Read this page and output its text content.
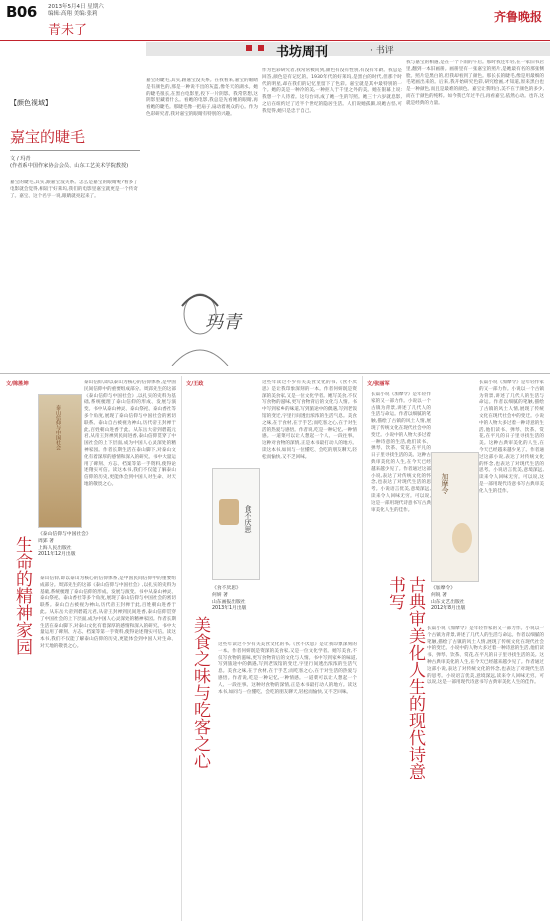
B06 2013年5月4日 星期六
编辑:高翔 美编:张莉
青未了
齐鲁晚报
书坊周刊	· 书评
【颜色视域】
嘉宝的睫毛
文 / 玛青
(作者系中国作家协会会员、山东工艺美术学院教授)
嘉宝的睫毛,其实,跟嘉宝没关系。怎么是嘉宝的眼睛呢?看多了电影就会觉得,相较于好莱坞,我们的电影里嘉宝就更是一个传奇了。嘉宝、这个名字一说,眼睛就亮起来了。
嘉宝的睫毛,其实,跟嘉宝没关系。在我看来,嘉宝的眼睛是有颜色的,那是一种说不出的灰蓝,像冬天的湖水。她的睫毛很长,在黑白电影里,投下一片阴影。我常常想,这阴影里藏着什么。看她的电影,我总是先看她的眼睛,再看她的睫毛。那睫毛像一把扇子,扇动着观众的心。作为色彩研究者,我对嘉宝的眼睛有特别的兴趣。
作为色彩研究者,我常常被问到,颜色有没有性别,有没有年龄。我总是回答,颜色是有记忆的。1930年代的好莱坞,是黑白的时代,但那个时代的明星,却在我们的记忆里留下了色彩。嘉宝就是其中最特别的一个。她的美是一种冷的美,一种拒人于千里之外的美。她在银幕上说:我想一个人待着。这句台词,成了她一生的写照。她三十六岁就息影,之后在纽约过了近半个世纪的隐居生活。人们说她孤僻,说她古怪,可我觉得,她只是忠于自己。
我与嘉宝的相遇,是在一个下雨的午后。那时我还年轻,在一家旧书店里,翻到一本旧画册。画册里有一张嘉宝的照片,是她最有名的那张侧脸。照片是黑白的,但我却看到了颜色。那长长的睫毛,像是用最细的毛笔画出来的。后来,我开始研究色彩,研究绘画,才知道,原来黑白也是一种颜色,而且是最难的颜色。嘉宝让我明白,美不在于颜色的多少,而在于颜色的纯粹。如今我已年过半百,再看嘉宝,依然心动。也许,这就是经典的力量。
玛青
文/陈胜坤	泰山信仰,即以泰山为核心的信仰体系,是中国民间信仰中的重要组成部分。周郢先生的这部《泰山信仰与中国社会》,以扎实的史料为基础,系统梳理了泰山信仰的形成、发展与演变。书中从泰山神灵、泰山祭祀、泰山香社等多个角度,展现了泰山信仰与中国社会的密切联系。泰山自古被视为神山,历代帝王封禅于此,百姓朝山进香于此。从东岳大帝到碧霞元君,从帝王封禅到民间进香,泰山信仰贯穿了中国社会的上下层面,成为中国人心灵深处的精神家园。作者长期生活在泰山脚下,对泰山文化有着深厚的感情和深入的研究。书中大量运用了碑刻、方志、档案等第一手资料,使得论述翔实可信。读这本书,我们不仅能了解泰山信仰的历史,更能体会到中国人对生命、对天地的敬畏之心。
泰山信仰与中国社会
《泰山信仰与中国社会》
周郢 著
上海人民出版社
2011年12月出版
生命的精神家园 泰山信仰,即以泰山为核心的信仰体系,是中国民间信仰中的重要组成部分。周郢先生的这部《泰山信仰与中国社会》,以扎实的史料为基础,系统梳理了泰山信仰的形成、发展与演变。书中从泰山神灵、泰山祭祀、泰山香社等多个角度,展现了泰山信仰与中国社会的密切联系。泰山自古被视为神山,历代帝王封禅于此,百姓朝山进香于此。从东岳大帝到碧霞元君,从帝王封禅到民间进香,泰山信仰贯穿了中国社会的上下层面,成为中国人心灵深处的精神家园。作者长期生活在泰山脚下,对泰山文化有着深厚的感情和深入的研究。书中大量运用了碑刻、方志、档案等第一手资料,使得论述翔实可信。读这本书,我们不仅能了解泰山信仰的历史,更能体会到中国人对生命、对天地的敬畏之心。
文/王政	这些年读过不少有关美食文化的书,《食不厌思》是让我印象深刻的一本。作者何妍既是资深的美食家,又是一位文化学者。她写美食,不仅写食物的滋味,更写食物背后的文化与人情。书中写到家乡的味道,写到旅途中的偶遇,写到老饭馆的变迁,字里行间透出浓浓的生活气息。美食之味,在于食材,在于手艺;而吃客之心,在于对生活的热爱与感悟。作者说,吃是一种记忆,一种情感。一道菜可以让人想起一个人、一段往事。这种对食物的深情,正是本书最打动人的地方。读这本书,如同与一位懂吃、会吃的朋友聊天,轻松而愉快,又不乏回味。
食不厌思
《食不厌思》
何妍 著
山东画报出版社
2013年1月出版
美食之味与吃客之心 这些年读过不少有关美食文化的书,《食不厌思》是让我印象深刻的一本。作者何妍既是资深的美食家,又是一位文化学者。她写美食,不仅写食物的滋味,更写食物背后的文化与人情。书中写到家乡的味道,写到旅途中的偶遇,写到老饭馆的变迁,字里行间透出浓浓的生活气息。美食之味,在于食材,在于手艺;而吃客之心,在于对生活的热爱与感悟。作者说,吃是一种记忆,一种情感。一道菜可以让人想起一个人、一段往事。这种对食物的深情,正是本书最打动人的地方。读这本书,如同与一位懂吃、会吃的朋友聊天,轻松而愉快,又不乏回味。
文/张丽军
长篇小说《加摩令》是年轻作家的又一部力作。小说以一个古镇为背景,讲述了几代人的生活与命运。作者以细腻的笔触,描绘了古镇的风土人情,展现了传统文化在现代社会中的变迁。小说中的人物大多过着一种诗意的生活,他们读书、弹琴、饮茶、赏花,在平凡的日子里寻找生活的美。这种古典审美化的人生,在今天已经越来越少见了。作者通过这部小说,表达了对传统文化的怀念,也表达了对现代生活的思考。小说语言优美,意境深远,读来令人回味无穷。可以说,这是一部用现代诗意书写古典审美化人生的佳作。
长篇小说《加摩令》是年轻作家的又一部力作。小说以一个古镇为背景,讲述了几代人的生活与命运。作者以细腻的笔触,描绘了古镇的风土人情,展现了传统文化在现代社会中的变迁。小说中的人物大多过着一种诗意的生活,他们读书、弹琴、饮茶、赏花,在平凡的日子里寻找生活的美。这种古典审美化的人生,在今天已经越来越少见了。作者通过这部小说,表达了对传统文化的怀念,也表达了对现代生活的思考。小说语言优美,意境深远,读来令人回味无穷。可以说,这是一部用现代诗意书写古典审美化人生的佳作。
加摩令
《加摩令》
何锐 著
山东文艺出版社
2012年8月出版
古典审美化人生的现代诗意书写
长篇小说《加摩令》是年轻作家的又一部力作。小说以一个古镇为背景,讲述了几代人的生活与命运。作者以细腻的笔触,描绘了古镇的风土人情,展现了传统文化在现代社会中的变迁。小说中的人物大多过着一种诗意的生活,他们读书、弹琴、饮茶、赏花,在平凡的日子里寻找生活的美。这种古典审美化的人生,在今天已经越来越少见了。作者通过这部小说,表达了对传统文化的怀念,也表达了对现代生活的思考。小说语言优美,意境深远,读来令人回味无穷。可以说,这是一部用现代诗意书写古典审美化人生的佳作。
